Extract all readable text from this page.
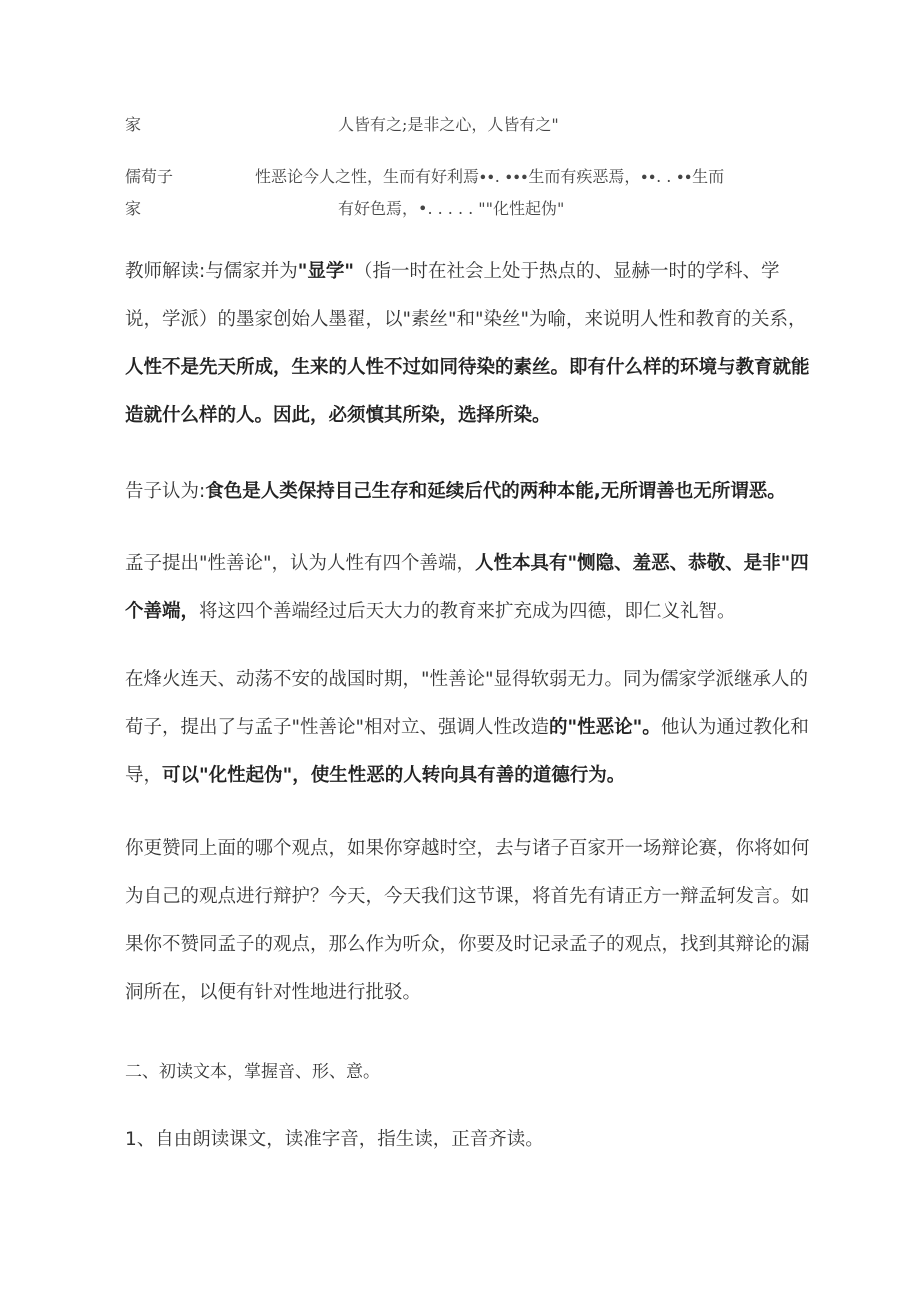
家	人皆有之;是非之心，人皆有之"
儒荀子	性恶论今人之性，生而有好利焉∙∙. ∙∙∙生而有疾恶焉，∙∙. . ∙∙生而
家	有好色焉，•. . . . . ""化性起伪"

教师解读:与儒家并为"显学"（指一时在社会上处于热点的、显赫一时的学科、学说，学派）的墨家创始人墨翟，以"素丝"和"染丝"为喻，来说明人性和教育的关系，人性不是先天所成，生来的人性不过如同待染的素丝。即有什么样的环境与教育就能造就什么样的人。因此，必须慎其所染，选择所染。

告子认为:食色是人类保持目己生存和延续后代的两种本能,无所谓善也无所谓恶。

孟子提出"性善论"，认为人性有四个善端，人性本具有"恻隐、羞恶、恭敬、是非"四个善端，将这四个善端经过后天大力的教育来扩充成为四德，即仁义礼智。

在烽火连天、动荡不安的战国时期，"性善论"显得软弱无力。同为儒家学派继承人的荀子，提出了与孟子"性善论"相对立、强调人性改造的"性恶论"。他认为通过教化和导，可以"化性起伪"，使生性恶的人转向具有善的道德行为。

你更赞同上面的哪个观点，如果你穿越时空，去与诸子百家开一场辩论赛，你将如何为自己的观点进行辩护？今天，今天我们这节课，将首先有请正方一辩孟轲发言。如果你不赞同孟子的观点，那么作为听众，你要及时记录孟子的观点，找到其辩论的漏洞所在，以便有针对性地进行批驳。

二、初读文本，掌握音、形、意。

1、自由朗读课文，读准字音，指生读，正音齐读。
